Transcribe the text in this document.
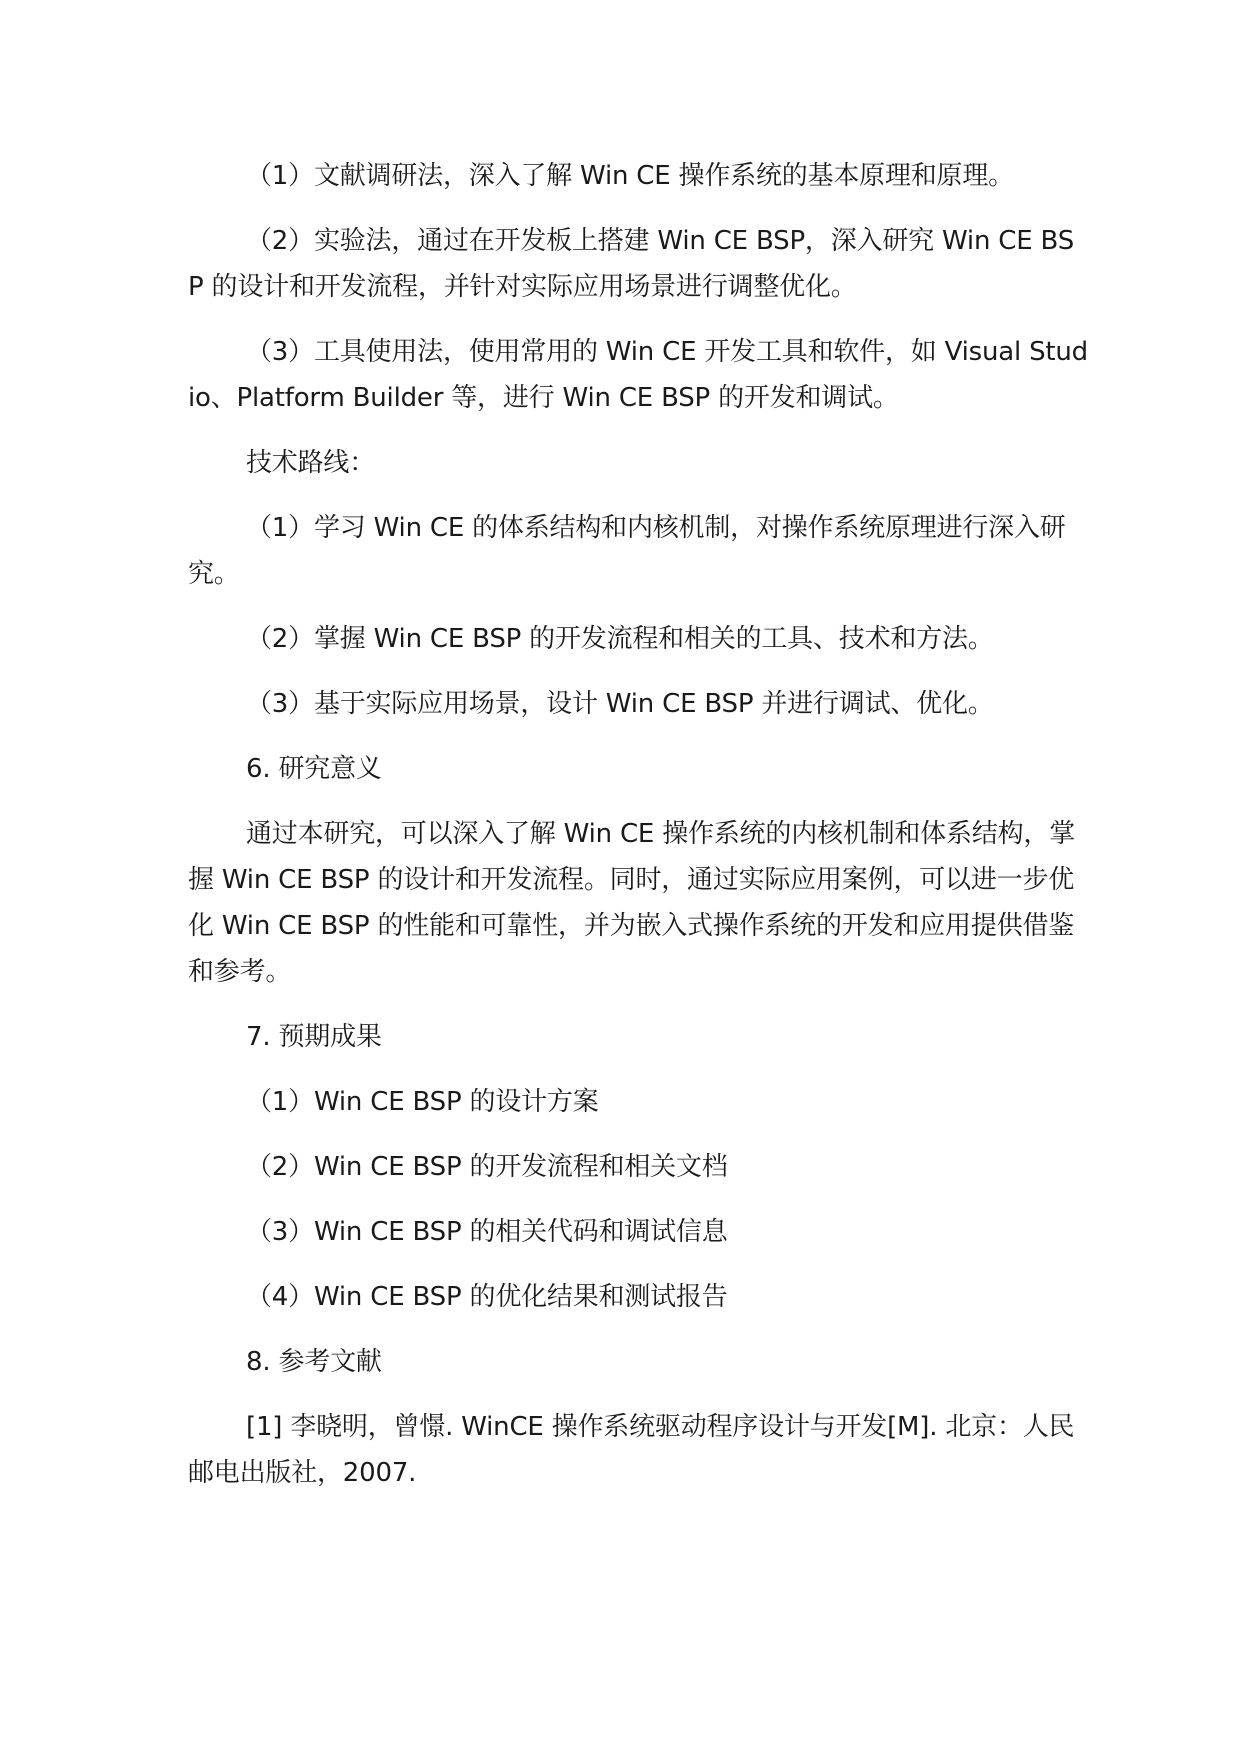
（1）文献调研法，深入了解 Win CE 操作系统的基本原理和原理。

（2）实验法，通过在开发板上搭建 Win CE BSP，深入研究 Win CE BSP 的设计和开发流程，并针对实际应用场景进行调整优化。

（3）工具使用法，使用常用的 Win CE 开发工具和软件，如 Visual Studio、Platform Builder 等，进行 Win CE BSP 的开发和调试。

技术路线：

（1）学习 Win CE 的体系结构和内核机制，对操作系统原理进行深入研究。

（2）掌握 Win CE BSP 的开发流程和相关的工具、技术和方法。

（3）基于实际应用场景，设计 Win CE BSP 并进行调试、优化。

6. 研究意义

通过本研究，可以深入了解 Win CE 操作系统的内核机制和体系结构，掌握 Win CE BSP 的设计和开发流程。同时，通过实际应用案例，可以进一步优化 Win CE BSP 的性能和可靠性，并为嵌入式操作系统的开发和应用提供借鉴和参考。

7. 预期成果

（1）Win CE BSP 的设计方案

（2）Win CE BSP 的开发流程和相关文档

（3）Win CE BSP 的相关代码和调试信息

（4）Win CE BSP 的优化结果和测试报告

8. 参考文献

[1] 李晓明，曾憬. WinCE 操作系统驱动程序设计与开发[M]. 北京：人民邮电出版社，2007.
